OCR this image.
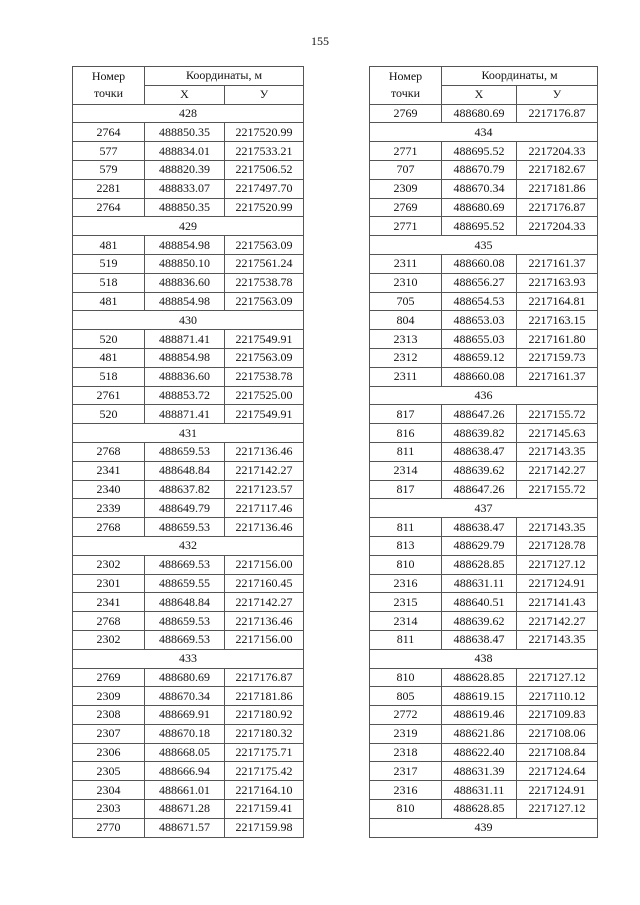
155
Номер
точки	Координаты, м	
	X	У
428		
2764	488850.35	2217520.99
577	488834.01	2217533.21
579	488820.39	2217506.52
2281	488833.07	2217497.70
2764	488850.35	2217520.99
429		
481	488854.98	2217563.09
519	488850.10	2217561.24
518	488836.60	2217538.78
481	488854.98	2217563.09
430		
520	488871.41	2217549.91
481	488854.98	2217563.09
518	488836.60	2217538.78
2761	488853.72	2217525.00
520	488871.41	2217549.91
431		
2768	488659.53	2217136.46
2341	488648.84	2217142.27
2340	488637.82	2217123.57
2339	488649.79	2217117.46
2768	488659.53	2217136.46
432		
2302	488669.53	2217156.00
2301	488659.55	2217160.45
2341	488648.84	2217142.27
2768	488659.53	2217136.46
2302	488669.53	2217156.00
433		
2769	488680.69	2217176.87
2309	488670.34	2217181.86
2308	488669.91	2217180.92
2307	488670.18	2217180.32
2306	488668.05	2217175.71
2305	488666.94	2217175.42
2304	488661.01	2217164.10
2303	488671.28	2217159.41
2770	488671.57	2217159.98
Номер
точки	Координаты, м	
	X	У
2769	488680.69	2217176.87
434		
2771	488695.52	2217204.33
707	488670.79	2217182.67
2309	488670.34	2217181.86
2769	488680.69	2217176.87
2771	488695.52	2217204.33
435		
2311	488660.08	2217161.37
2310	488656.27	2217163.93
705	488654.53	2217164.81
804	488653.03	2217163.15
2313	488655.03	2217161.80
2312	488659.12	2217159.73
2311	488660.08	2217161.37
436		
817	488647.26	2217155.72
816	488639.82	2217145.63
811	488638.47	2217143.35
2314	488639.62	2217142.27
817	488647.26	2217155.72
437		
811	488638.47	2217143.35
813	488629.79	2217128.78
810	488628.85	2217127.12
2316	488631.11	2217124.91
2315	488640.51	2217141.43
2314	488639.62	2217142.27
811	488638.47	2217143.35
438		
810	488628.85	2217127.12
805	488619.15	2217110.12
2772	488619.46	2217109.83
2319	488621.86	2217108.06
2318	488622.40	2217108.84
2317	488631.39	2217124.64
2316	488631.11	2217124.91
810	488628.85	2217127.12
439		
